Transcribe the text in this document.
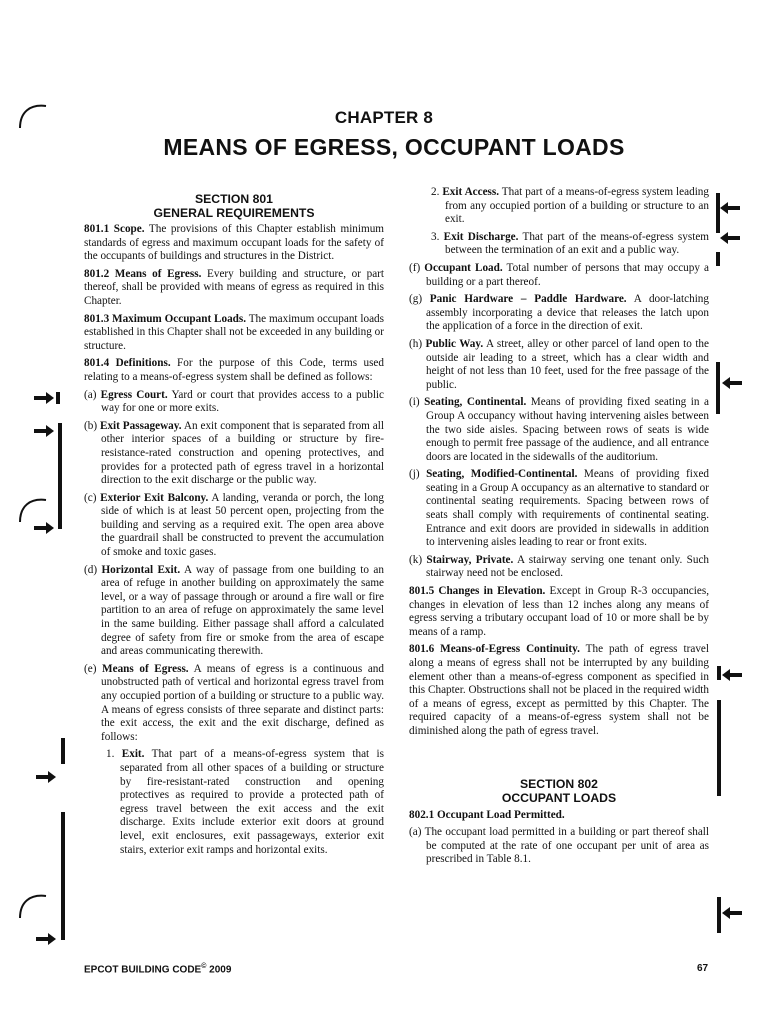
CHAPTER 8
MEANS OF EGRESS, OCCUPANT LOADS
SECTION 801
GENERAL REQUIREMENTS

801.1 Scope. The provisions of this Chapter establish minimum standards of egress and maximum occupant loads for the safety of the occupants of buildings and structures in the District.

801.2 Means of Egress. Every building and structure, or part thereof, shall be provided with means of egress as required in this Chapter.

801.3 Maximum Occupant Loads. The maximum occupant loads established in this Chapter shall not be exceeded in any building or structure.

801.4 Definitions. For the purpose of this Code, terms used relating to a means-of-egress system shall be defined as follows:

(a) Egress Court. Yard or court that provides access to a public way for one or more exits.

(b) Exit Passageway. An exit component that is separated from all other interior spaces of a building or structure by fire-resistance-rated construction and opening protectives, and provides for a protected path of egress travel in a horizontal direction to the exit discharge or the public way.

(c) Exterior Exit Balcony. A landing, veranda or porch, the long side of which is at least 50 percent open, projecting from the building and serving as a required exit. The open area above the guardrail shall be constructed to prevent the accumulation of smoke and toxic gases.

(d) Horizontal Exit. A way of passage from one building to an area of refuge in another building on approximately the same level, or a way of passage through or around a fire wall or fire partition to an area of refuge on approximately the same level in the same building. Either passage shall afford a calculated degree of safety from fire or smoke from the area of escape and areas communicating therewith.

(e) Means of Egress. A means of egress is a continuous and unobstructed path of vertical and horizontal egress travel from any occupied portion of a building or structure to a public way. A means of egress consists of three separate and distinct parts: the exit access, the exit and the exit discharge, defined as follows:

1. Exit. That part of a means-of-egress system that is separated from all other spaces of a building or structure by fire-resistant-rated construction and opening protectives as required to provide a protected path of egress travel between the exit access and the exit discharge. Exits include exterior exit doors at ground level, exit enclosures, exit passageways, exterior exit stairs, exterior exit ramps and horizontal exits.

2. Exit Access. That part of a means-of-egress system leading from any occupied portion of a building or structure to an exit.

3. Exit Discharge. That part of the means-of-egress system between the termination of an exit and a public way.

(f) Occupant Load. Total number of persons that may occupy a building or a part thereof.

(g) Panic Hardware – Paddle Hardware. A door-latching assembly incorporating a device that releases the latch upon the application of a force in the direction of exit.

(h) Public Way. A street, alley or other parcel of land open to the outside air leading to a street, which has a clear width and height of not less than 10 feet, used for the free passage of the public.

(i) Seating, Continental. Means of providing fixed seating in a Group A occupancy without having intervening aisles between the two side aisles. Spacing between rows of seats is wide enough to permit free passage of the audience, and all entrance doors are located in the sidewalls of the auditorium.

(j) Seating, Modified-Continental. Means of providing fixed seating in a Group A occupancy as an alternative to standard or continental seating requirements. Spacing between rows of seats shall comply with requirements of continental seating. Entrance and exit doors are provided in sidewalls in addition to intervening aisles leading to rear or front exits.

(k) Stairway, Private. A stairway serving one tenant only. Such stairway need not be enclosed.

801.5 Changes in Elevation. Except in Group R-3 occupancies, changes in elevation of less than 12 inches along any means of egress serving a tributary occupant load of 10 or more shall be by means of a ramp.

801.6 Means-of-Egress Continuity. The path of egress travel along a means of egress shall not be interrupted by any building element other than a means-of-egress component as specified in this Chapter. Obstructions shall not be placed in the required width of a means of egress, except as permitted by this Chapter. The required capacity of a means-of-egress system shall not be diminished along the path of egress travel.

SECTION 802
OCCUPANT LOADS

802.1 Occupant Load Permitted.

(a) The occupant load permitted in a building or part thereof shall be computed at the rate of one occupant per unit of area as prescribed in Table 8.1.

EPCOT BUILDING CODE© 2009	67
